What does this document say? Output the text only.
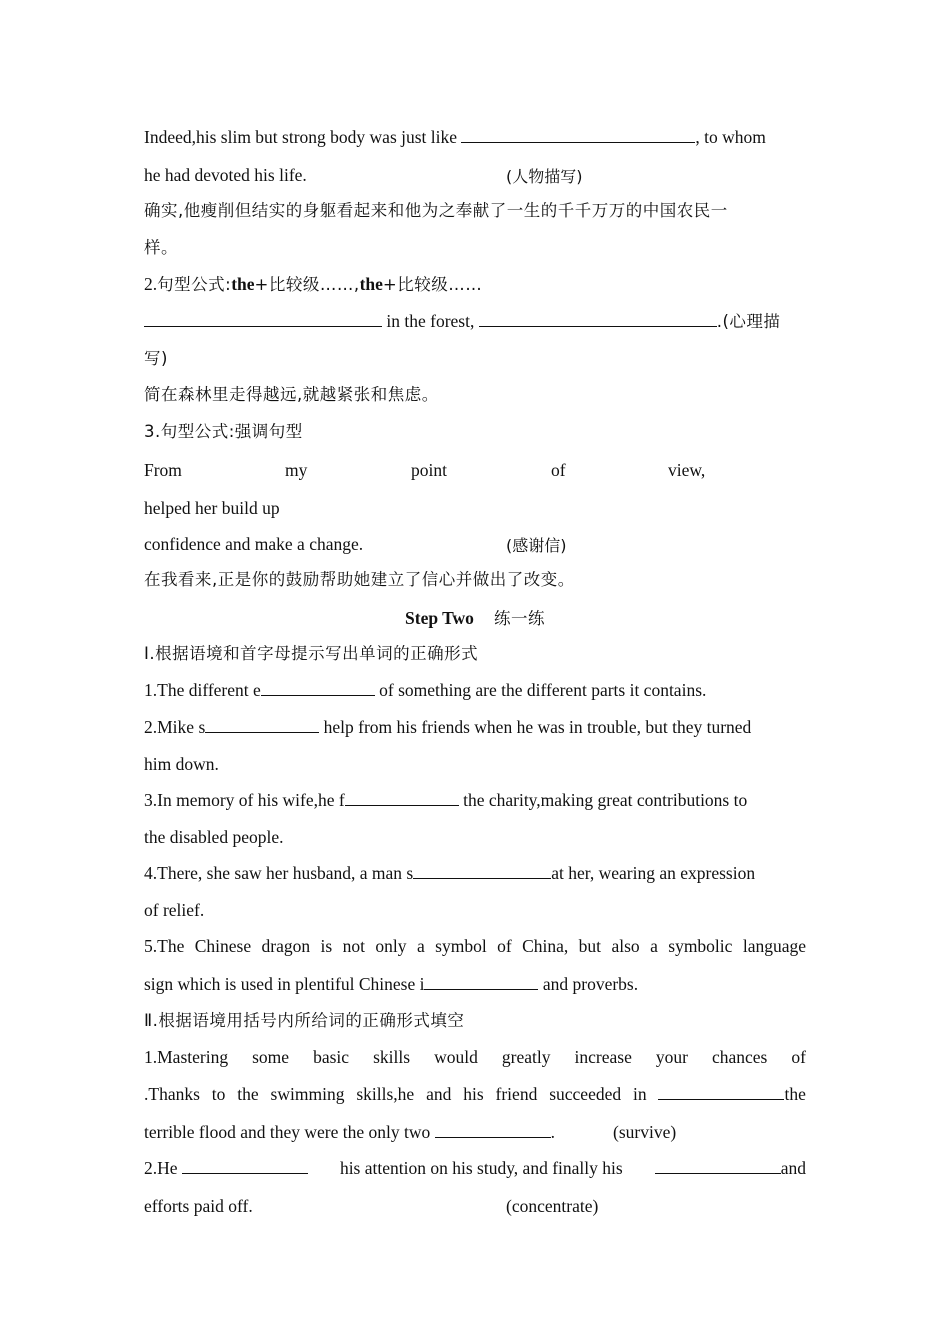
Indeed,his slim but strong body was just like	, to whom
he had devoted his life.	(人物描写)
确实,他瘦削但结实的身躯看起来和他为之奉献了一生的千千万万的中国农民一
样。
2.句型公式:the+比较级……,the+比较级……
in the forest,	.(心理描
写)
简在森林里走得越远,就越紧张和焦虑。
3.句型公式:强调句型
From	my	point	of	view,
helped her build up
confidence and make a change.	(感谢信)
在我看来,正是你的鼓励帮助她建立了信心并做出了改变。
Step Two 练一练
Ⅰ.根据语境和首字母提示写出单词的正确形式
1.The different e	of something are the different parts it contains.
2.Mike s	help from his friends when he was in trouble, but they turned
him down.
3.In memory of his wife,he f	the charity,making great contributions to
the disabled people.
4.There, she saw her husband, a man s	at her, wearing an expression
of relief.
5.The Chinese dragon is not only a symbol of China, but also a symbolic language
sign which is used in plentiful Chinese i	and proverbs.
Ⅱ.根据语境用括号内所给词的正确形式填空
1.Mastering some basic skills would greatly increase your chances of
.Thanks to the swimming skills,he and his friend succeeded in	the
terrible flood and they were the only two	.	(survive)
2.He	his attention on his study, and finally his	and
efforts paid off.	(concentrate)
